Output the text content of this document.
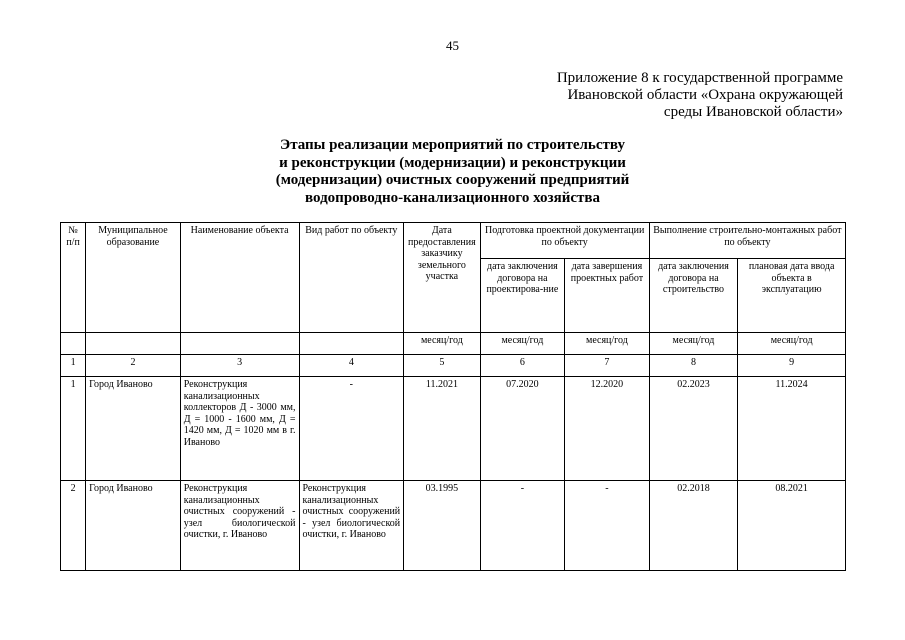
45
Приложение 8 к государственной программе
Ивановской области «Охрана окружающей
среды Ивановской области»
Этапы реализации мероприятий по строительству
и реконструкции (модернизации) и реконструкции
(модернизации) очистных сооружений предприятий
водопроводно-канализационного хозяйства
№ п/п	Муниципальное образование	Наименование объекта	Вид работ по объекту	Дата предоставления заказчику земельного участка	Подготовка проектной документации по объекту		Выполнение строительно-монтажных работ по объекту	
					дата заключения договора на проектирова-ние	дата завершения проектных работ	дата заключения договора на строительство	плановая дата ввода объекта в эксплуатацию
				месяц/год	месяц/год	месяц/год	месяц/год	месяц/год
1	2	3	4	5	6	7	8	9
1	Город Иваново	Реконструкция канализационных коллекторов Д - 3000 мм, Д = 1000 - 1600 мм, Д = 1420 мм, Д = 1020 мм в г. Иваново	-	11.2021	07.2020	12.2020	02.2023	11.2024
2	Город Иваново	Реконструкция канализационных очистных сооружений - узел биологической очистки, г. Иваново	Реконструкция канализационных очистных сооружений - узел биологической очистки, г. Иваново	03.1995	-	-	02.2018	08.2021
